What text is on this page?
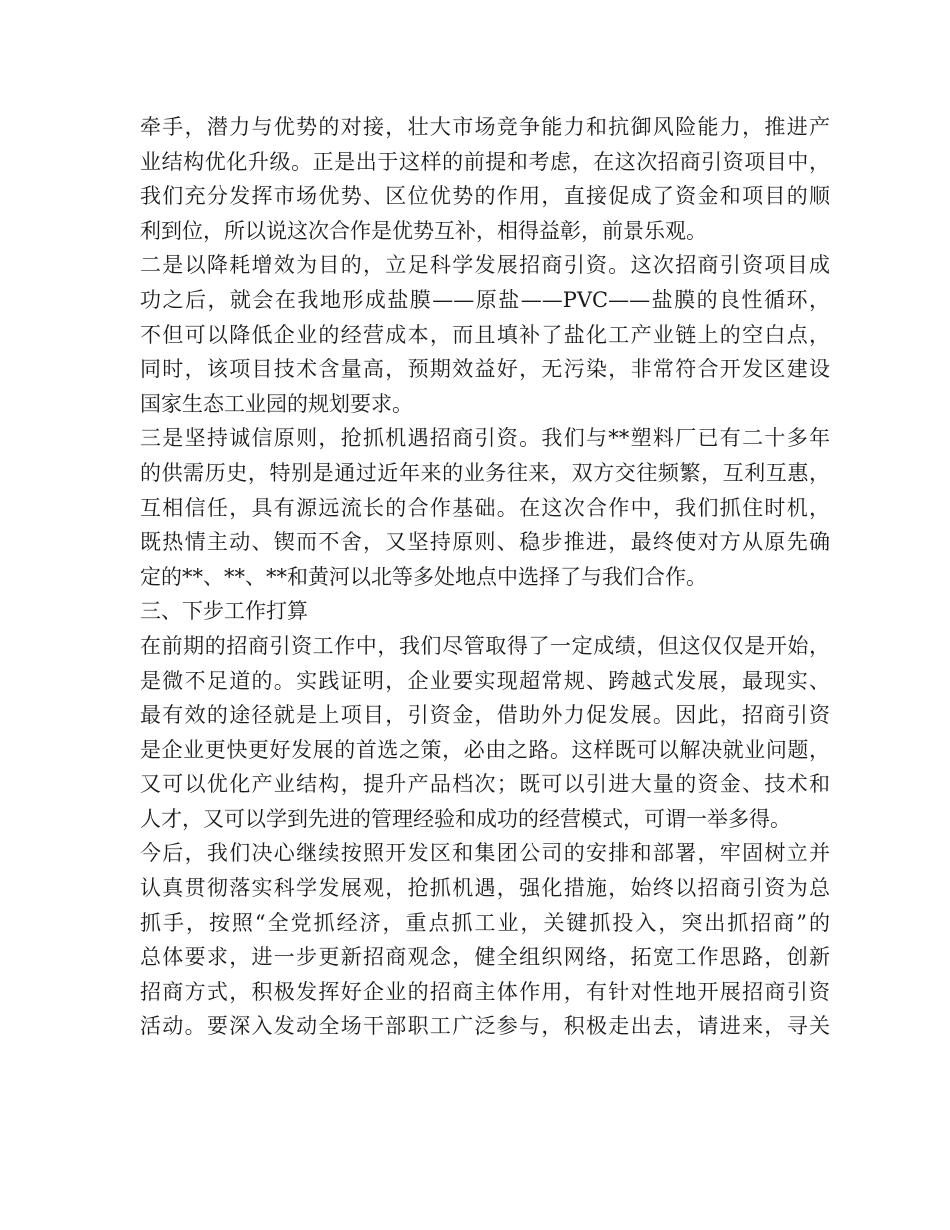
牵手，潜力与优势的对接，壮大市场竞争能力和抗御风险能力，推进产
业结构优化升级。正是出于这样的前提和考虑，在这次招商引资项目中，
我们充分发挥市场优势、区位优势的作用，直接促成了资金和项目的顺
利到位，所以说这次合作是优势互补，相得益彰，前景乐观。
二是以降耗增效为目的，立足科学发展招商引资。这次招商引资项目成
功之后，就会在我地形成盐膜——原盐——PVC——盐膜的良性循环，
不但可以降低企业的经营成本，而且填补了盐化工产业链上的空白点，
同时，该项目技术含量高，预期效益好，无污染，非常符合开发区建设
国家生态工业园的规划要求。
三是坚持诚信原则，抢抓机遇招商引资。我们与**塑料厂已有二十多年
的供需历史，特别是通过近年来的业务往来，双方交往频繁，互利互惠，
互相信任，具有源远流长的合作基础。在这次合作中，我们抓住时机，
既热情主动、锲而不舍，又坚持原则、稳步推进，最终使对方从原先确
定的**、**、**和黄河以北等多处地点中选择了与我们合作。
三、下步工作打算
在前期的招商引资工作中，我们尽管取得了一定成绩，但这仅仅是开始，
是微不足道的。实践证明，企业要实现超常规、跨越式发展，最现实、
最有效的途径就是上项目，引资金，借助外力促发展。因此，招商引资
是企业更快更好发展的首选之策，必由之路。这样既可以解决就业问题，
又可以优化产业结构，提升产品档次；既可以引进大量的资金、技术和
人才，又可以学到先进的管理经验和成功的经营模式，可谓一举多得。
今后，我们决心继续按照开发区和集团公司的安排和部署，牢固树立并
认真贯彻落实科学发展观，抢抓机遇，强化措施，始终以招商引资为总
抓手，按照“全党抓经济，重点抓工业，关键抓投入，突出抓招商”的
总体要求，进一步更新招商观念，健全组织网络，拓宽工作思路，创新
招商方式，积极发挥好企业的招商主体作用，有针对性地开展招商引资
活动。要深入发动全场干部职工广泛参与，积极走出去，请进来，寻关
